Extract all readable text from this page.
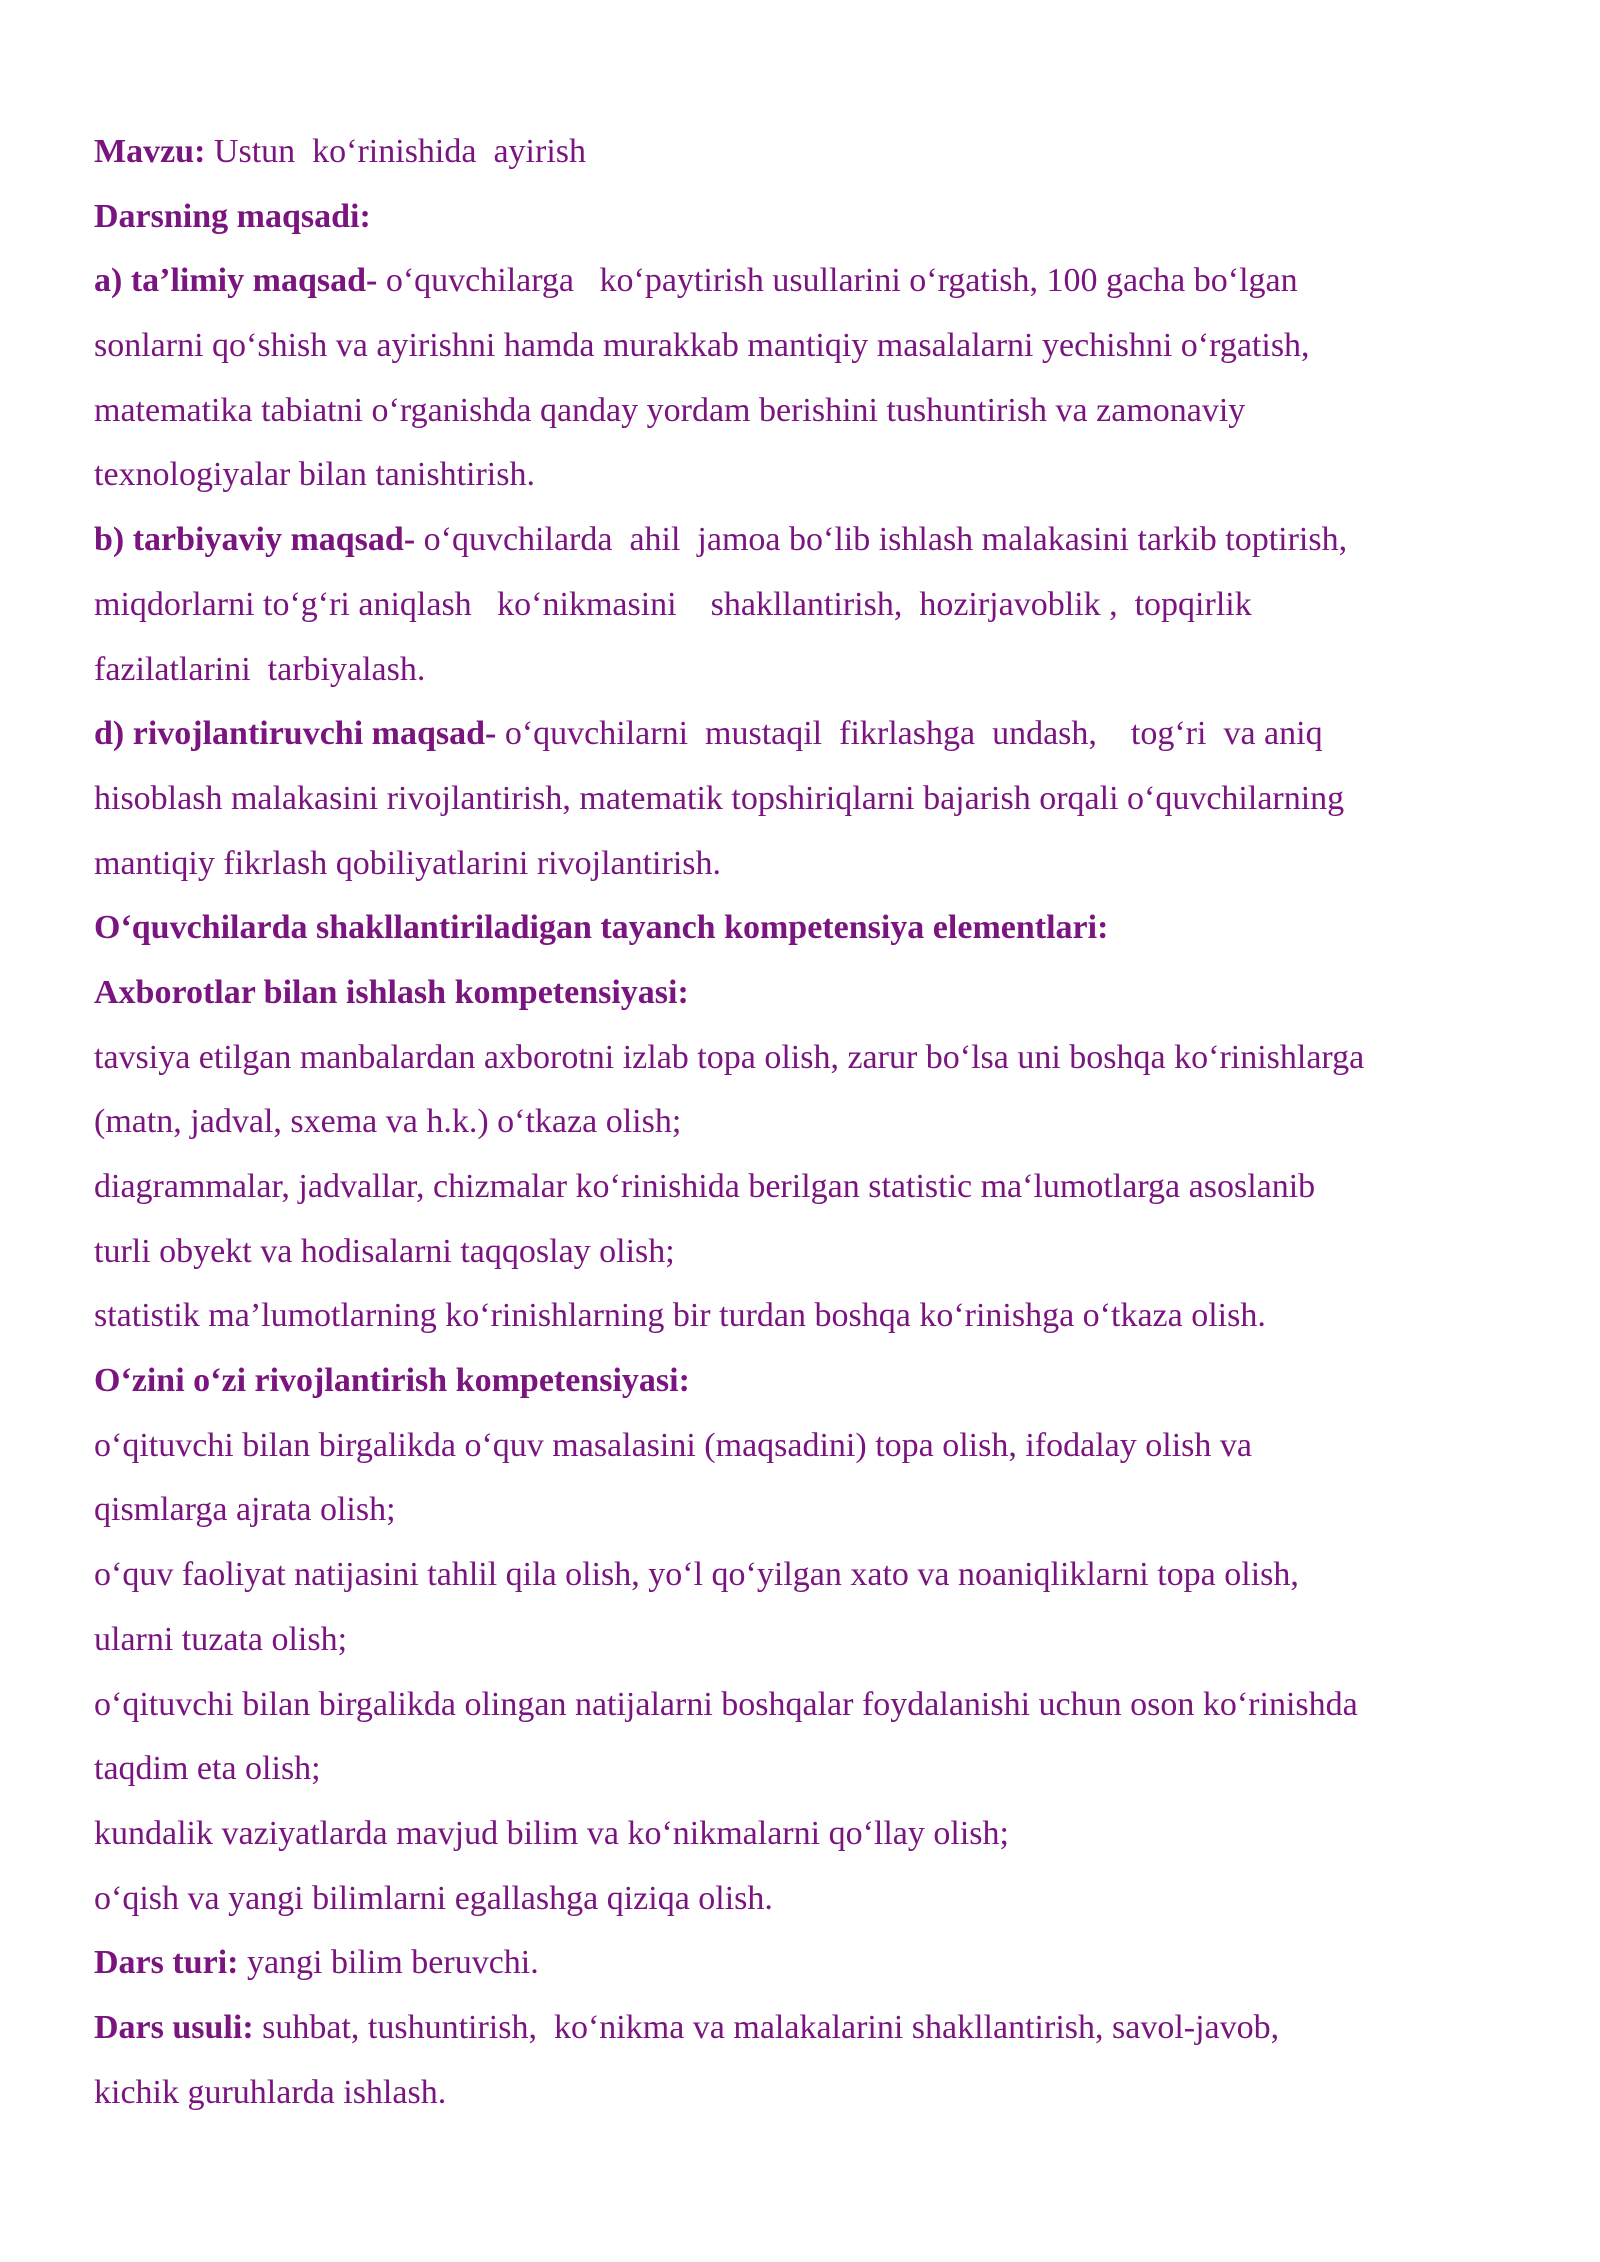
Mavzu: Ustun  koʻrinishida  ayirish
Darsning maqsadi:
a) ta’limiy maqsad- oʻquvchilarga   koʻpaytirish usullarini oʻrgatish, 100 gacha boʻlgan
sonlarni qoʻshish va ayirishni hamda murakkab mantiqiy masalalarni yechishni oʻrgatish,
matematika tabiatni oʻrganishda qanday yordam berishini tushuntirish va zamonaviy
texnologiyalar bilan tanishtirish.
b) tarbiyaviy maqsad- oʻquvchilarda  ahil  jamoa boʻlib ishlash malakasini tarkib toptirish,
miqdorlarni toʻgʻri aniqlash   koʻnikmasini    shakllantirish,  hozirjavoblik ,  topqirlik
fazilatlarini  tarbiyalash.
d) rivojlantiruvchi maqsad- oʻquvchilarni  mustaqil  fikrlashga  undash,    togʻri  va aniq
hisoblash malakasini rivojlantirish, matematik topshiriqlarni bajarish orqali oʻquvchilarning
mantiqiy fikrlash qobiliyatlarini rivojlantirish.
Oʻquvchilarda shakllantiriladigan tayanch kompetensiya elementlari:
Axborotlar bilan ishlash kompetensiyasi:
tavsiya etilgan manbalardan axborotni izlab topa olish, zarur boʻlsa uni boshqa koʻrinishlarga
(matn, jadval, sxema va h.k.) oʻtkaza olish;
diagrammalar, jadvallar, chizmalar koʻrinishida berilgan statistic maʻlumotlarga asoslanib
turli obyekt va hodisalarni taqqoslay olish;
statistik ma’lumotlarning koʻrinishlarning bir turdan boshqa koʻrinishga oʻtkaza olish.
Oʻzini oʻzi rivojlantirish kompetensiyasi:
oʻqituvchi bilan birgalikda oʻquv masalasini (maqsadini) topa olish, ifodalay olish va
qismlarga ajrata olish;
oʻquv faoliyat natijasini tahlil qila olish, yoʻl qoʻyilgan xato va noaniqliklarni topa olish,
ularni tuzata olish;
oʻqituvchi bilan birgalikda olingan natijalarni boshqalar foydalanishi uchun oson koʻrinishda
taqdim eta olish;
kundalik vaziyatlarda mavjud bilim va koʻnikmalarni qoʻllay olish;
oʻqish va yangi bilimlarni egallashga qiziqa olish.
Dars turi: yangi bilim beruvchi.
Dars usuli: suhbat, tushuntirish,  koʻnikma va malakalarini shakllantirish, savol-javob,
kichik guruhlarda ishlash.
